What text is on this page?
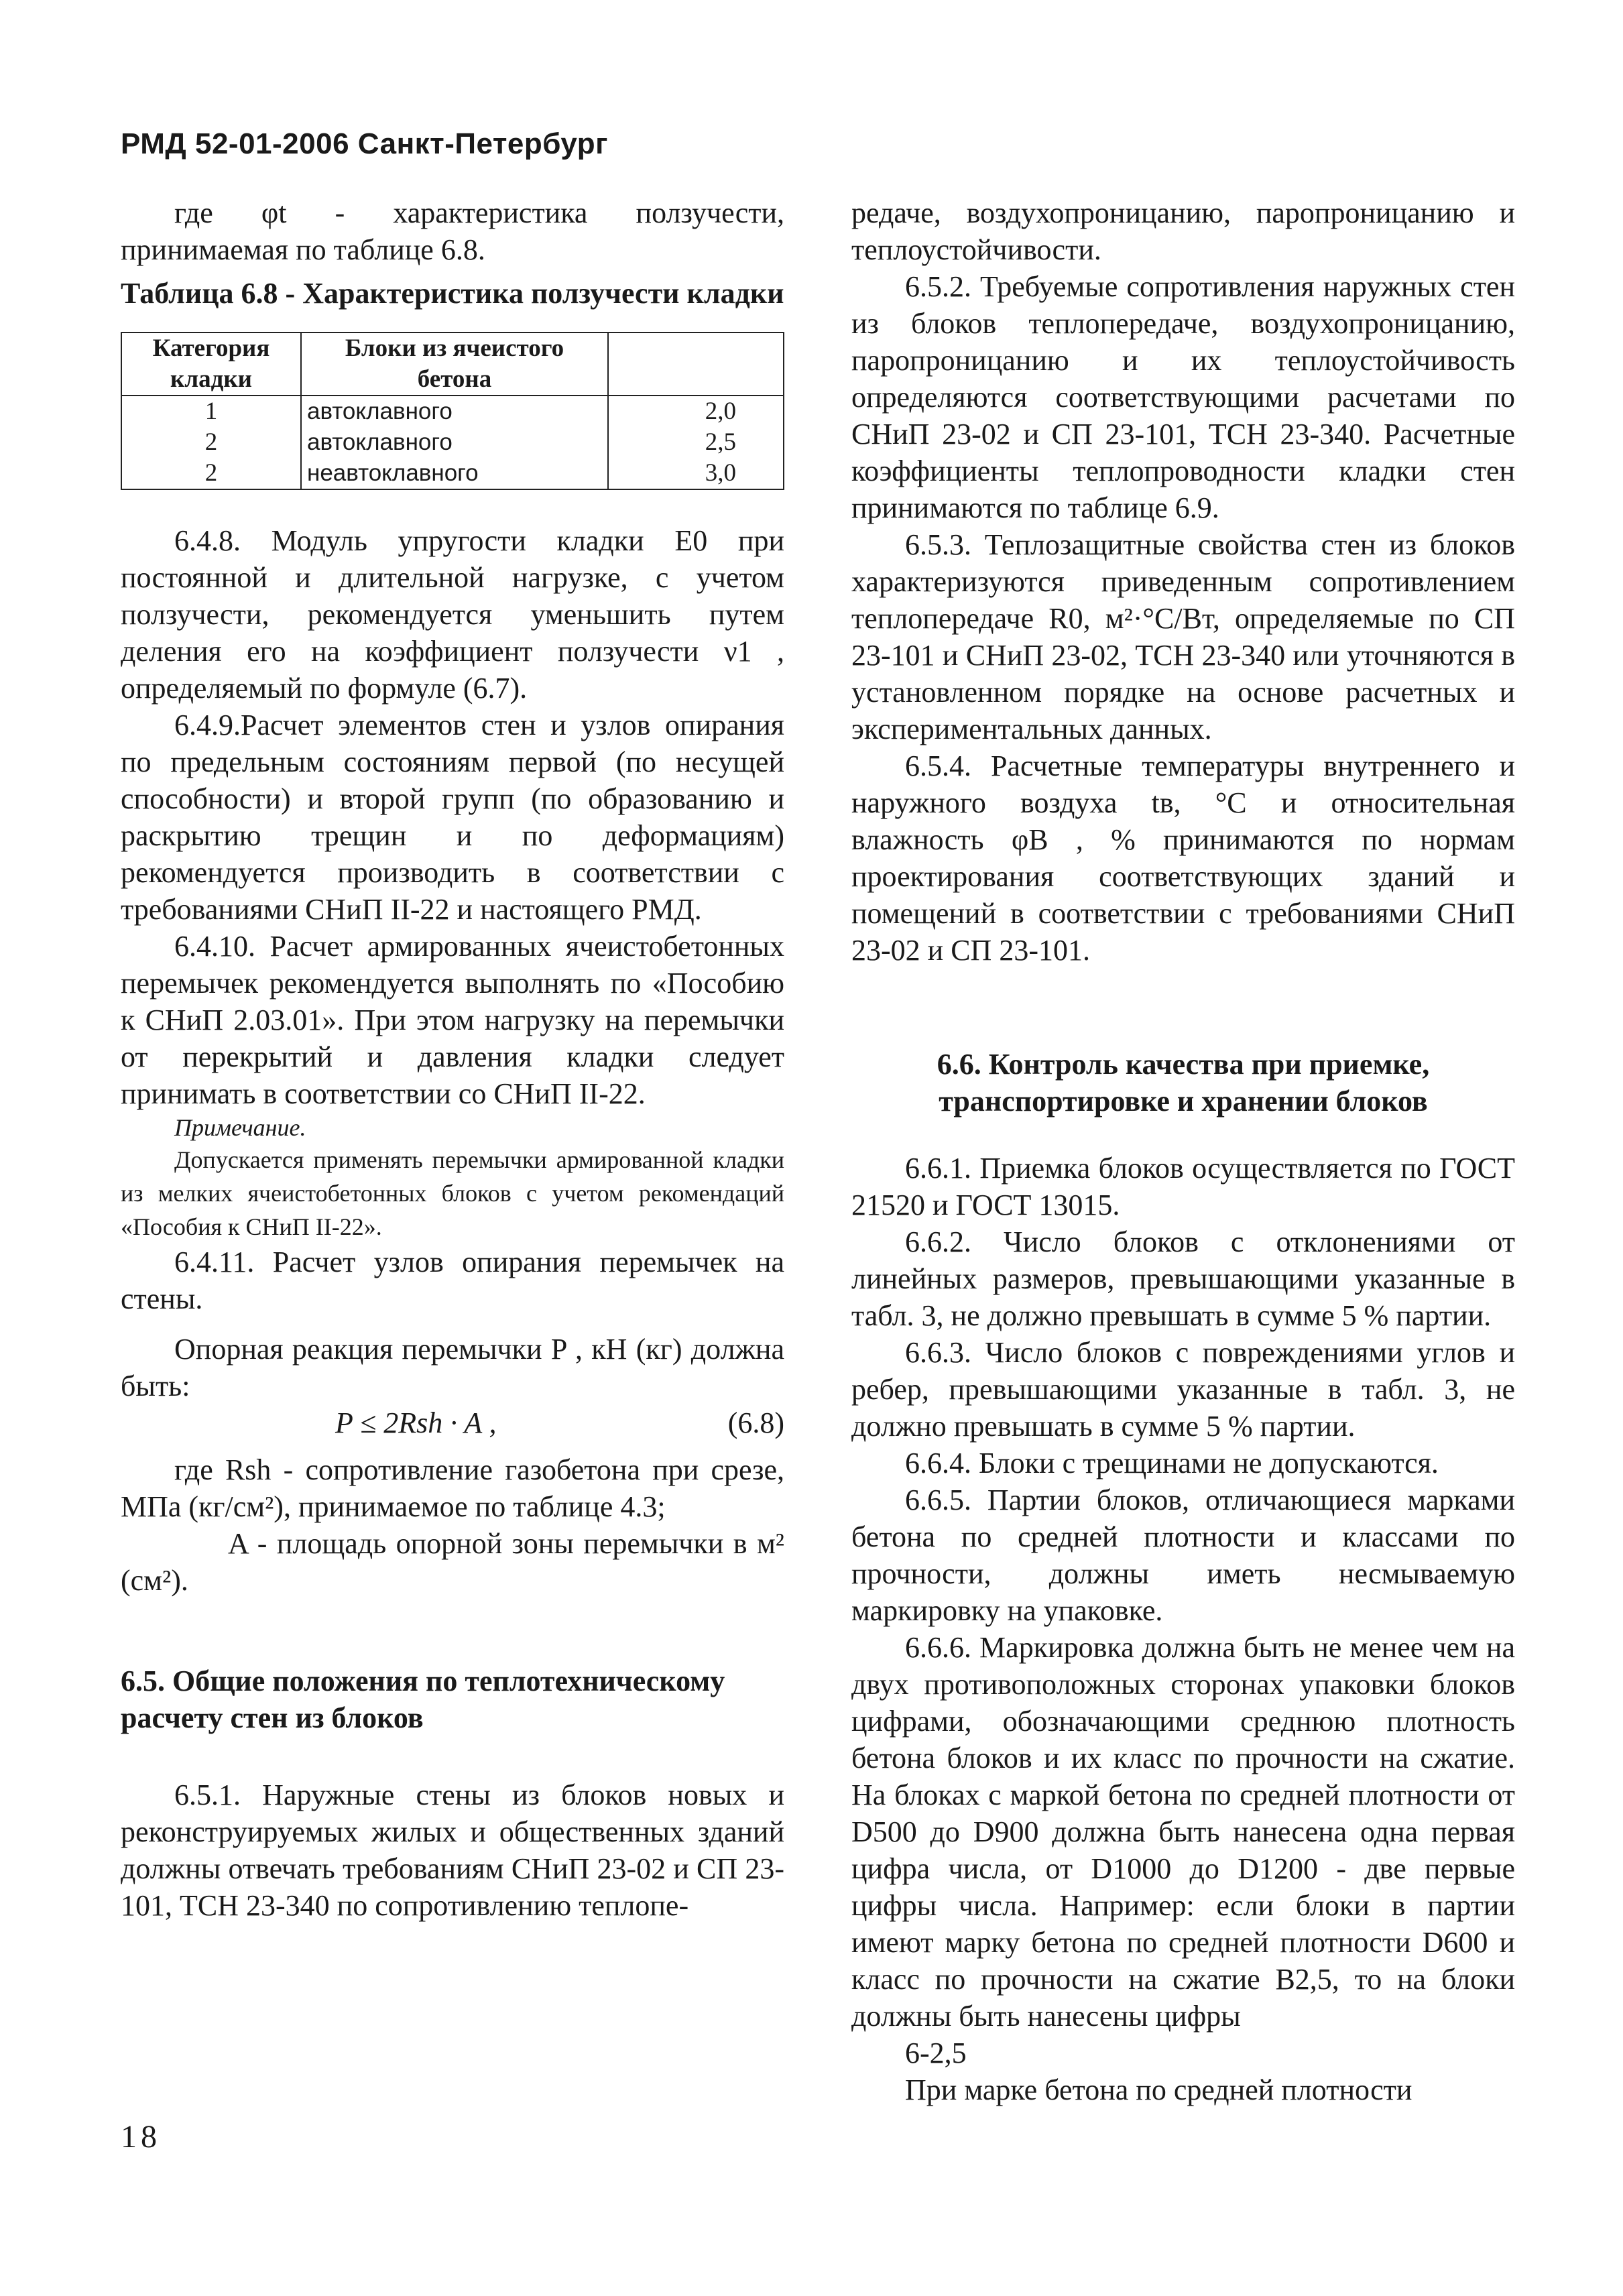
РМД 52-01-2006 Санкт-Петербург

где φt - характеристика ползучести, принимаемая по таблице 6.8.

Таблица 6.8 - Характеристика ползучести кладки

Категория кладки	Блоки из ячеистого бетона	
1	автоклавного	2,0
2	автоклавного	2,5
2	неавтоклавного	3,0

6.4.8. Модуль упругости кладки E0 при постоянной и длительной нагрузке, с учетом ползучести, рекомендуется уменьшить путем деления его на коэффициент ползучести ν1 , определяемый по формуле (6.7).

6.4.9.Расчет элементов стен и узлов опирания по предельным состояниям первой (по несущей способности) и второй групп (по образованию и раскрытию трещин и по деформациям) рекомендуется производить в соответствии с требованиями СНиП II-22 и настоящего РМД.

6.4.10. Расчет армированных ячеистобетонных перемычек рекомендуется выполнять по «Пособию к СНиП 2.03.01». При этом нагрузку на перемычки от перекрытий и давления кладки следует принимать в соответствии со СНиП II-22.

Примечание.

Допускается применять перемычки армированной кладки из мелких ячеистобетонных блоков с учетом рекомендаций «Пособия к СНиП II-22».

6.4.11. Расчет узлов опирания перемычек на стены.

Опорная реакция перемычки P , кН (кг) должна быть:

P ≤ 2Rsh · A ,	(6.8)

где Rsh - сопротивление газобетона при срезе, МПа (кг/см²), принимаемое по таблице 4.3;

A - площадь опорной зоны перемычки в м² (см²).

6.5. Общие положения по теплотехническому расчету стен из блоков

6.5.1. Наружные стены из блоков новых и реконструируемых жилых и общественных зданий должны отвечать требованиям СНиП 23-02 и СП 23-101, ТСН 23-340 по сопротивлению теплопе-

редаче, воздухопроницанию, паропроницанию и теплоустойчивости.

6.5.2. Требуемые сопротивления наружных стен из блоков теплопередаче, воздухопроницанию, паропроницанию и их теплоустойчивость определяются соответствующими расчетами по СНиП 23-02 и СП 23-101, ТСН 23-340. Расчетные коэффициенты теплопроводности кладки стен принимаются по таблице 6.9.

6.5.3. Теплозащитные свойства стен из блоков характеризуются приведенным сопротивлением теплопередаче R0, м²·°С/Вт, определяемые по СП 23-101 и СНиП 23-02, ТСН 23-340 или уточняются в установленном порядке на основе расчетных и экспериментальных данных.

6.5.4. Расчетные температуры внутреннего и наружного воздуха tв, °С и относительная влажность φВ , % принимаются по нормам проектирования соответствующих зданий и помещений в соответствии с требованиями СНиП 23-02 и СП 23-101.

6.6. Контроль качества при приемке, транспортировке и хранении блоков

6.6.1. Приемка блоков осуществляется по ГОСТ 21520 и ГОСТ 13015.

6.6.2. Число блоков с отклонениями от линейных размеров, превышающими указанные в табл. 3, не должно превышать в сумме 5 % партии.

6.6.3. Число блоков с повреждениями углов и ребер, превышающими указанные в табл. 3, не должно превышать в сумме 5 % партии.

6.6.4. Блоки с трещинами не допускаются.

6.6.5. Партии блоков, отличающиеся марками бетона по средней плотности и классами по прочности, должны иметь несмываемую маркировку на упаковке.

6.6.6. Маркировка должна быть не менее чем на двух противоположных сторонах упаковки блоков цифрами, обозначающими среднюю плотность бетона блоков и их класс по прочности на сжатие. На блоках с маркой бетона по средней плотности от D500 до D900 должна быть нанесена одна первая цифра числа, от D1000 до D1200 - две первые цифры числа. Например: если блоки в партии имеют марку бетона по средней плотности D600 и класс по прочности на сжатие B2,5, то на блоки должны быть нанесены цифры

6-2,5

При марке бетона по средней плотности

18
